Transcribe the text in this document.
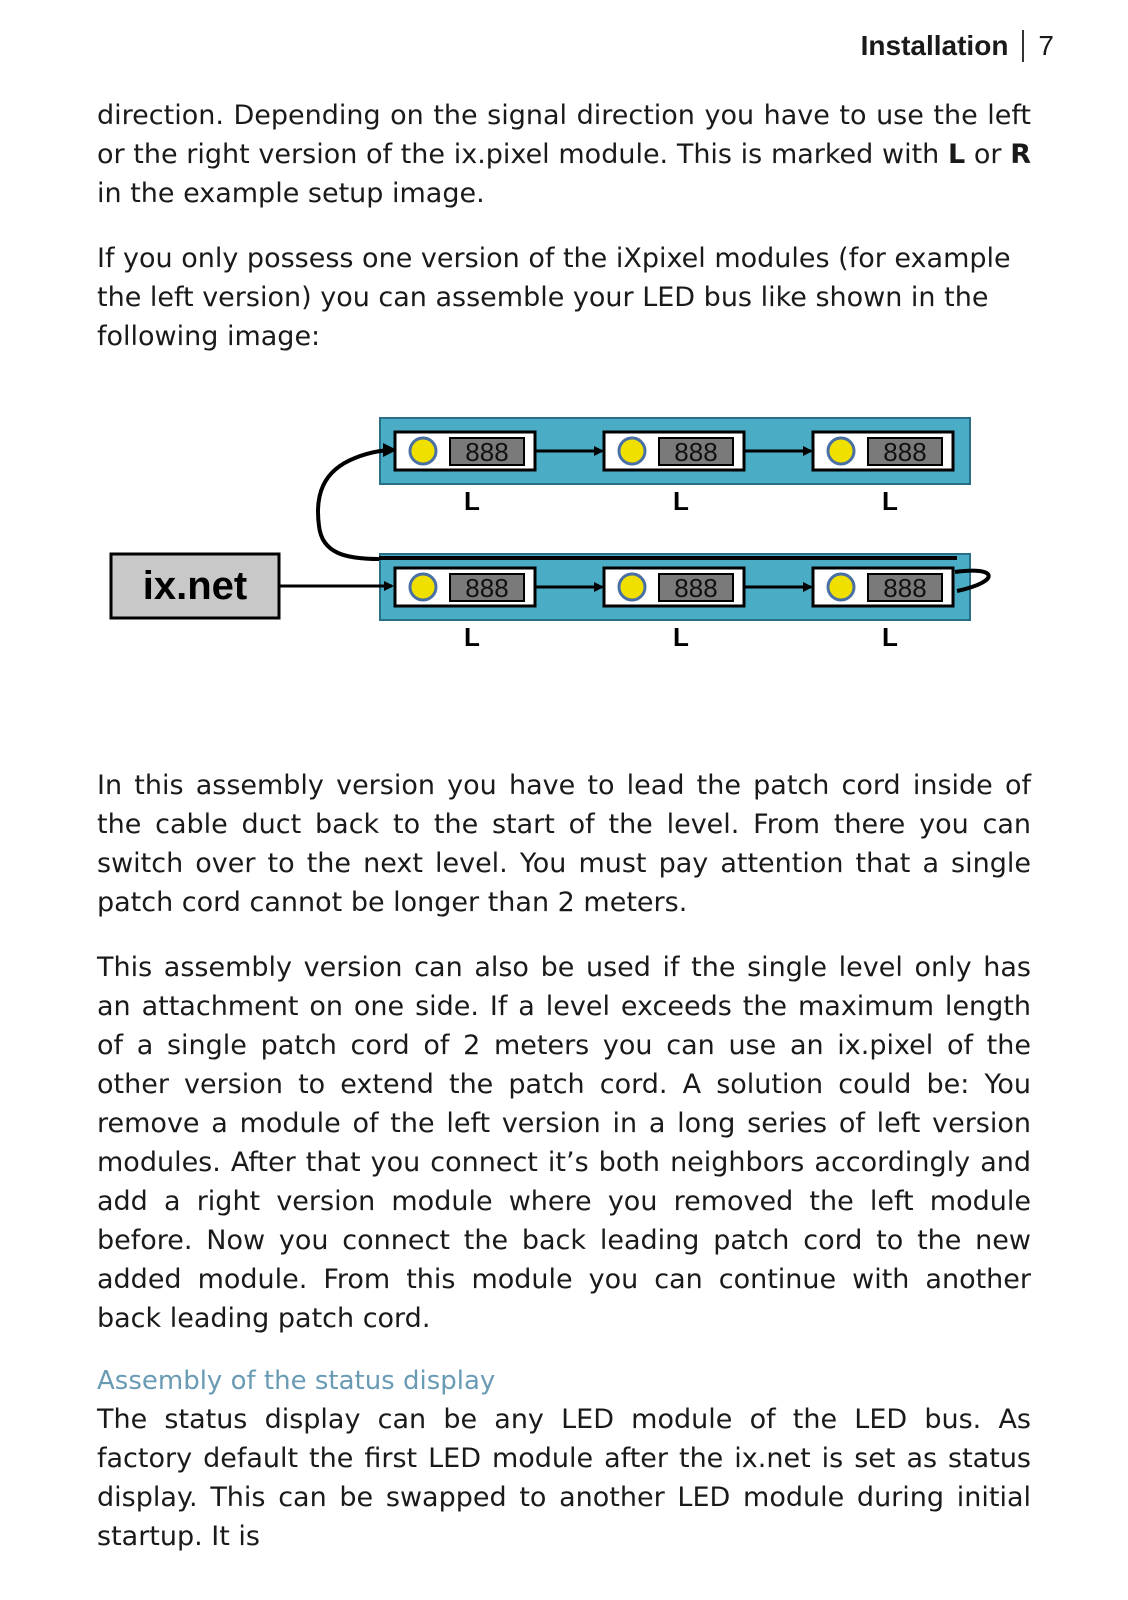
Installation 7

direction. Depending on the signal direction you have to use the left or the right version of the ix.pixel module. This is marked with L or R in the example setup image.

If you only possess one version of the iXpixel modules (for example the left version) you can assemble your LED bus like shown in the following image:

ix.net
888
L
888
L
888
L
888
L
888
L
888
L

In this assembly version you have to lead the patch cord inside of the cable duct back to the start of the level. From there you can switch over to the next level. You must pay attention that a single patch cord cannot be longer than 2 meters.

This assembly version can also be used if the single level only has an attachment on one side. If a level exceeds the maximum length of a single patch cord of 2 meters you can use an ix.pixel of the other version to extend the patch cord. A solution could be: You remove a module of the left version in a long series of left version modules. After that you connect it’s both neighbors accordingly and add a right version module where you removed the left module before. Now you connect the back leading patch cord to the new added module. From this module you can continue with another back leading patch cord.

Assembly of the status display

The status display can be any LED module of the LED bus. As factory default the first LED module after the ix.net is set as status display. This can be swapped to another LED module during initial startup. It is
